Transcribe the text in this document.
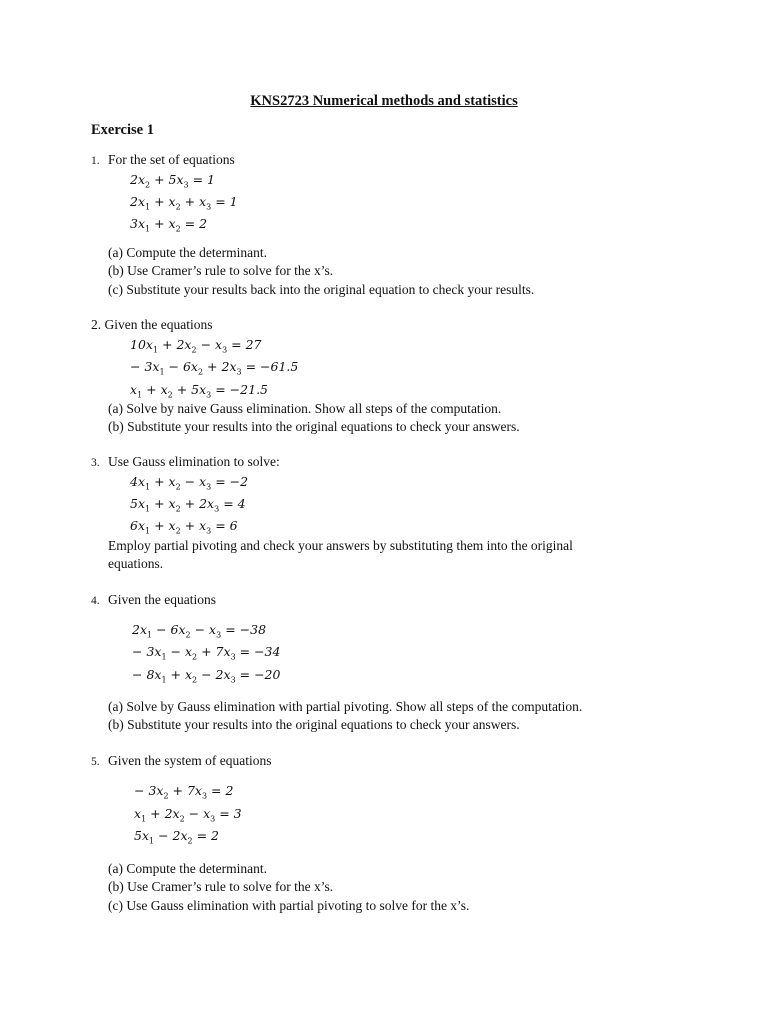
KNS2723 Numerical methods and statistics
Exercise 1
1. For the set of equations
$2x_2 + 5x_3 = 1$
$2x_1 + x_2 + x_3 = 1$
$3x_1 + x_2 = 2$
(a) Compute the determinant.
(b) Use Cramer’s rule to solve for the x’s.
(c) Substitute your results back into the original equation to check your results.
2. Given the equations
$10x_1 + 2x_2 - x_3 = 27$
− $3x_1 - 6x_2 + 2x_3 = -61.5$
$x_1 + x_2 + 5x_3 = -21.5$
(a) Solve by naive Gauss elimination. Show all steps of the computation.
(b) Substitute your results into the original equations to check your answers.
3. Use Gauss elimination to solve:
$4x_1 + x_2 - x_3 = -2$
$5x_1 + x_2 + 2x_3 = 4$
$6x_1 + x_2 + x_3 = 6$
Employ partial pivoting and check your answers by substituting them into the original
equations.
4. Given the equations
$2x_1 - 6x_2 - x_3 = -38$
− $3x_1 - x_2 + 7x_3 = -34$
− $8x_1 + x_2 - 2x_3 = -20$
(a) Solve by Gauss elimination with partial pivoting. Show all steps of the computation.
(b) Substitute your results into the original equations to check your answers.
5. Given the system of equations
− $3x_2 + 7x_3 = 2$
$x_1 + 2x_2 - x_3 = 3$
$5x_1 - 2x_2 = 2$
(a) Compute the determinant.
(b) Use Cramer’s rule to solve for the x’s.
(c) Use Gauss elimination with partial pivoting to solve for the x’s.
